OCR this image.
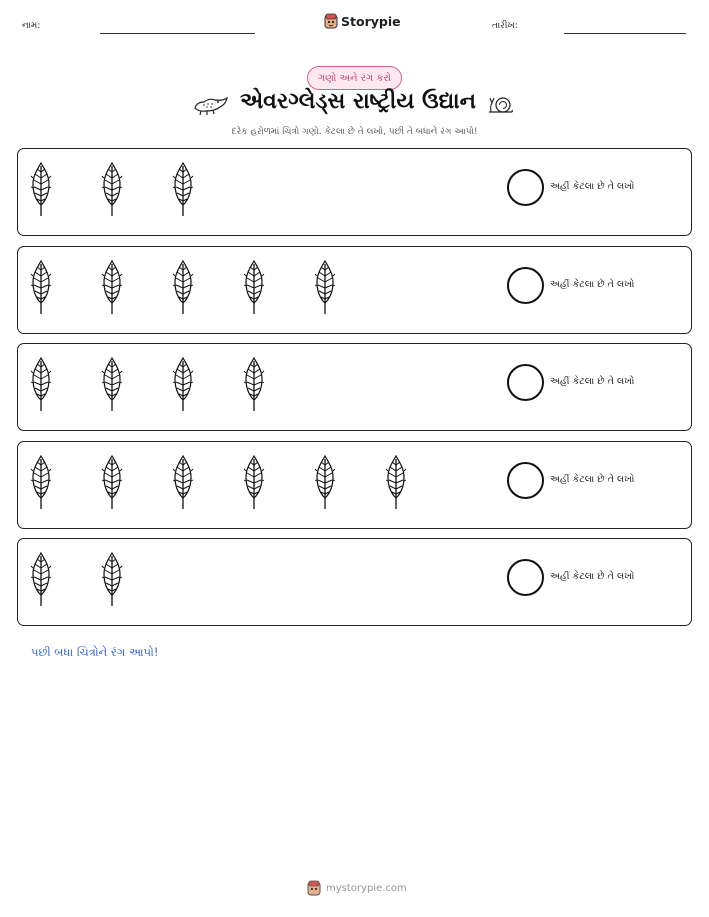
નામ:	Storypie	તારીખ:
ગણો અને રંગ કરો
એવરગ્લેડ્સ રાષ્ટ્રીય ઉદ્યાન
દરેક હરોળમાં ચિત્રો ગણો. કેટલા છે તે લખો, પછી તે બધાને રંગ આપો!
અહીં કેટલા છે તે લખો
અહીં કેટલા છે તે લખો
અહીં કેટલા છે તે લખો
અહીં કેટલા છે તે લખો
અહીં કેટલા છે તે લખો
પછી બધા ચિત્રોને રંગ આપો!
mystorypie.com
